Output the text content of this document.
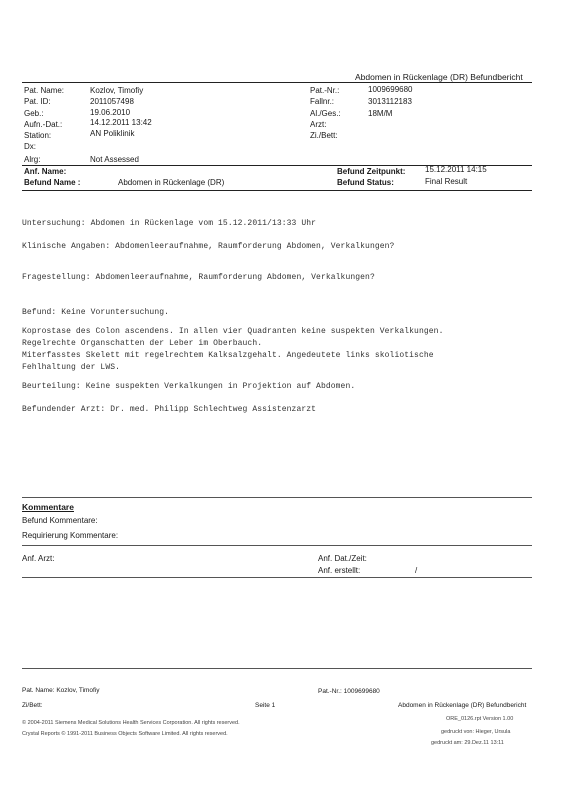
Abdomen in Rückenlage (DR) Befundbericht
Pat. Name:	Kozlov, Timofiy
Pat. ID:	2011057498
Geb.:	19.06.2010
Aufn.-Dat.:	14.12.2011 13:42
Station:	AN Poliklinik
Dx:
Alrg:	Not Assessed
Pat.-Nr.:	1009699680
Fallnr.:	3013112183
Al./Ges.:	18M/M
Arzt:
Zi./Bett:
Anf. Name:
Befund Name :	Abdomen in Rückenlage (DR)
Befund Zeitpunkt: 15.12.2011 14:15
Befund Status:	Final Result
Untersuchung: Abdomen in Rückenlage vom 15.12.2011/13:33 Uhr
Klinische Angaben: Abdomenleeraufnahme, Raumforderung Abdomen, Verkalkungen?
Fragestellung: Abdomenleeraufnahme, Raumforderung Abdomen, Verkalkungen?
Befund: Keine Voruntersuchung.
Koprostase des Colon ascendens. In allen vier Quadranten keine suspekten Verkalkungen.
Regelrechte Organschatten der Leber im Oberbauch.
Miterfasstes Skelett mit regelrechtem Kalksalzgehalt. Angedeutete links skoliotische
Fehlhaltung der LWS.
Beurteilung: Keine suspekten Verkalkungen in Projektion auf Abdomen.
Befundender Arzt: Dr. med. Philipp Schlechtweg Assistenzarzt
Kommentare
Befund Kommentare:
Requirierung Kommentare:
Anf. Arzt:	Anf. Dat./Zeit:
Anf. erstellt:	/
Pat. Name: Kozlov, Timofiy	Pat.-Nr.: 1009699680
Abdomen in Rückenlage (DR) Befundbericht
Zi/Bett:	Seite 1
© 2004-2011 Siemens Medical Solutions Health Services Corporation. All rights reserved.
Crystal Reports © 1991-2011 Business Objects Software Limited. All rights reserved.
ORE_0126.rpt Version 1.00
gedruckt von: Hieger, Ursula
gedruckt am: 29.Dez.11 13:11
